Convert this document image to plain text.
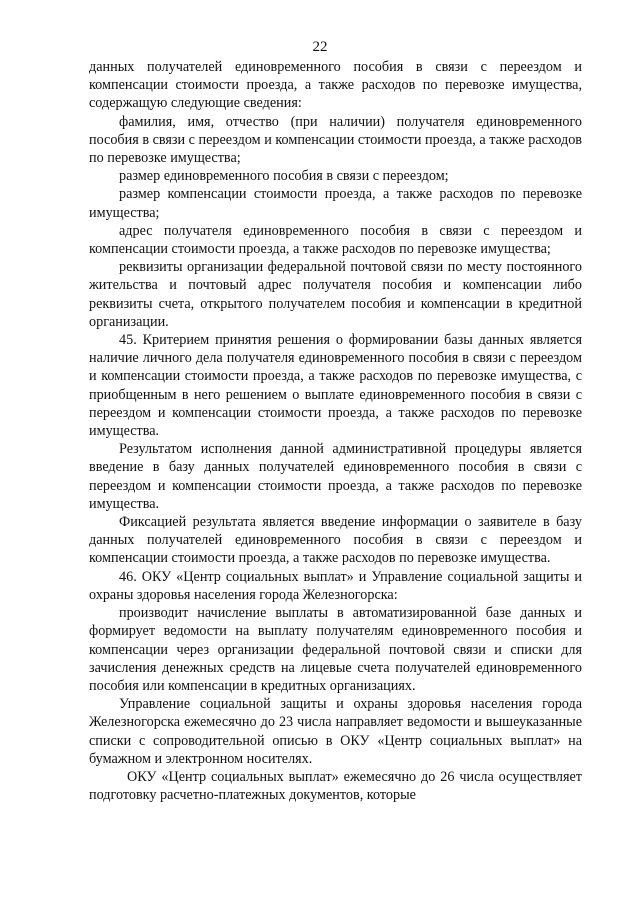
22

данных получателей единовременного пособия в связи с переездом и компенсации стоимости проезда, а также расходов по перевозке имущества, содержащую следующие сведения:

фамилия, имя, отчество (при наличии) получателя единовременного пособия в связи с переездом и компенсации стоимости проезда, а также расходов по перевозке имущества;

размер единовременного пособия в связи с переездом;

размер компенсации стоимости проезда, а также расходов по перевозке имущества;

адрес получателя единовременного пособия в связи с переездом и компенсации стоимости проезда, а также расходов по перевозке имущества;

реквизиты организации федеральной почтовой связи по месту постоянного жительства и почтовый адрес получателя пособия и компенсации либо реквизиты счета, открытого получателем пособия и компенсации в кредитной организации.

45. Критерием принятия решения о формировании базы данных является наличие личного дела получателя единовременного пособия в связи с переездом и компенсации стоимости проезда, а также расходов по перевозке имущества, с приобщенным в него решением о выплате единовременного пособия в связи с переездом и компенсации стоимости проезда, а также расходов по перевозке имущества.

Результатом исполнения данной административной процедуры является введение в базу данных получателей единовременного пособия в связи с переездом и компенсации стоимости проезда, а также расходов по перевозке имущества.

Фиксацией результата является введение информации о заявителе в базу данных получателей единовременного пособия в связи с переездом и компенсации стоимости проезда, а также расходов по перевозке имущества.

46. ОКУ «Центр социальных выплат» и Управление социальной защиты и охраны здоровья населения города Железногорска:

производит начисление выплаты в автоматизированной базе данных и формирует ведомости на выплату получателям единовременного пособия и компенсации через организации федеральной почтовой связи и списки для зачисления денежных средств на лицевые счета получателей единовременного пособия или компенсации в кредитных организациях.

Управление социальной защиты и охраны здоровья населения города Железногорска ежемесячно до 23 числа направляет ведомости и вышеуказанные списки с сопроводительной описью в ОКУ «Центр социальных выплат» на бумажном и электронном носителях.

ОКУ «Центр социальных выплат» ежемесячно до 26 числа осуществляет подготовку расчетно-платежных документов, которые
